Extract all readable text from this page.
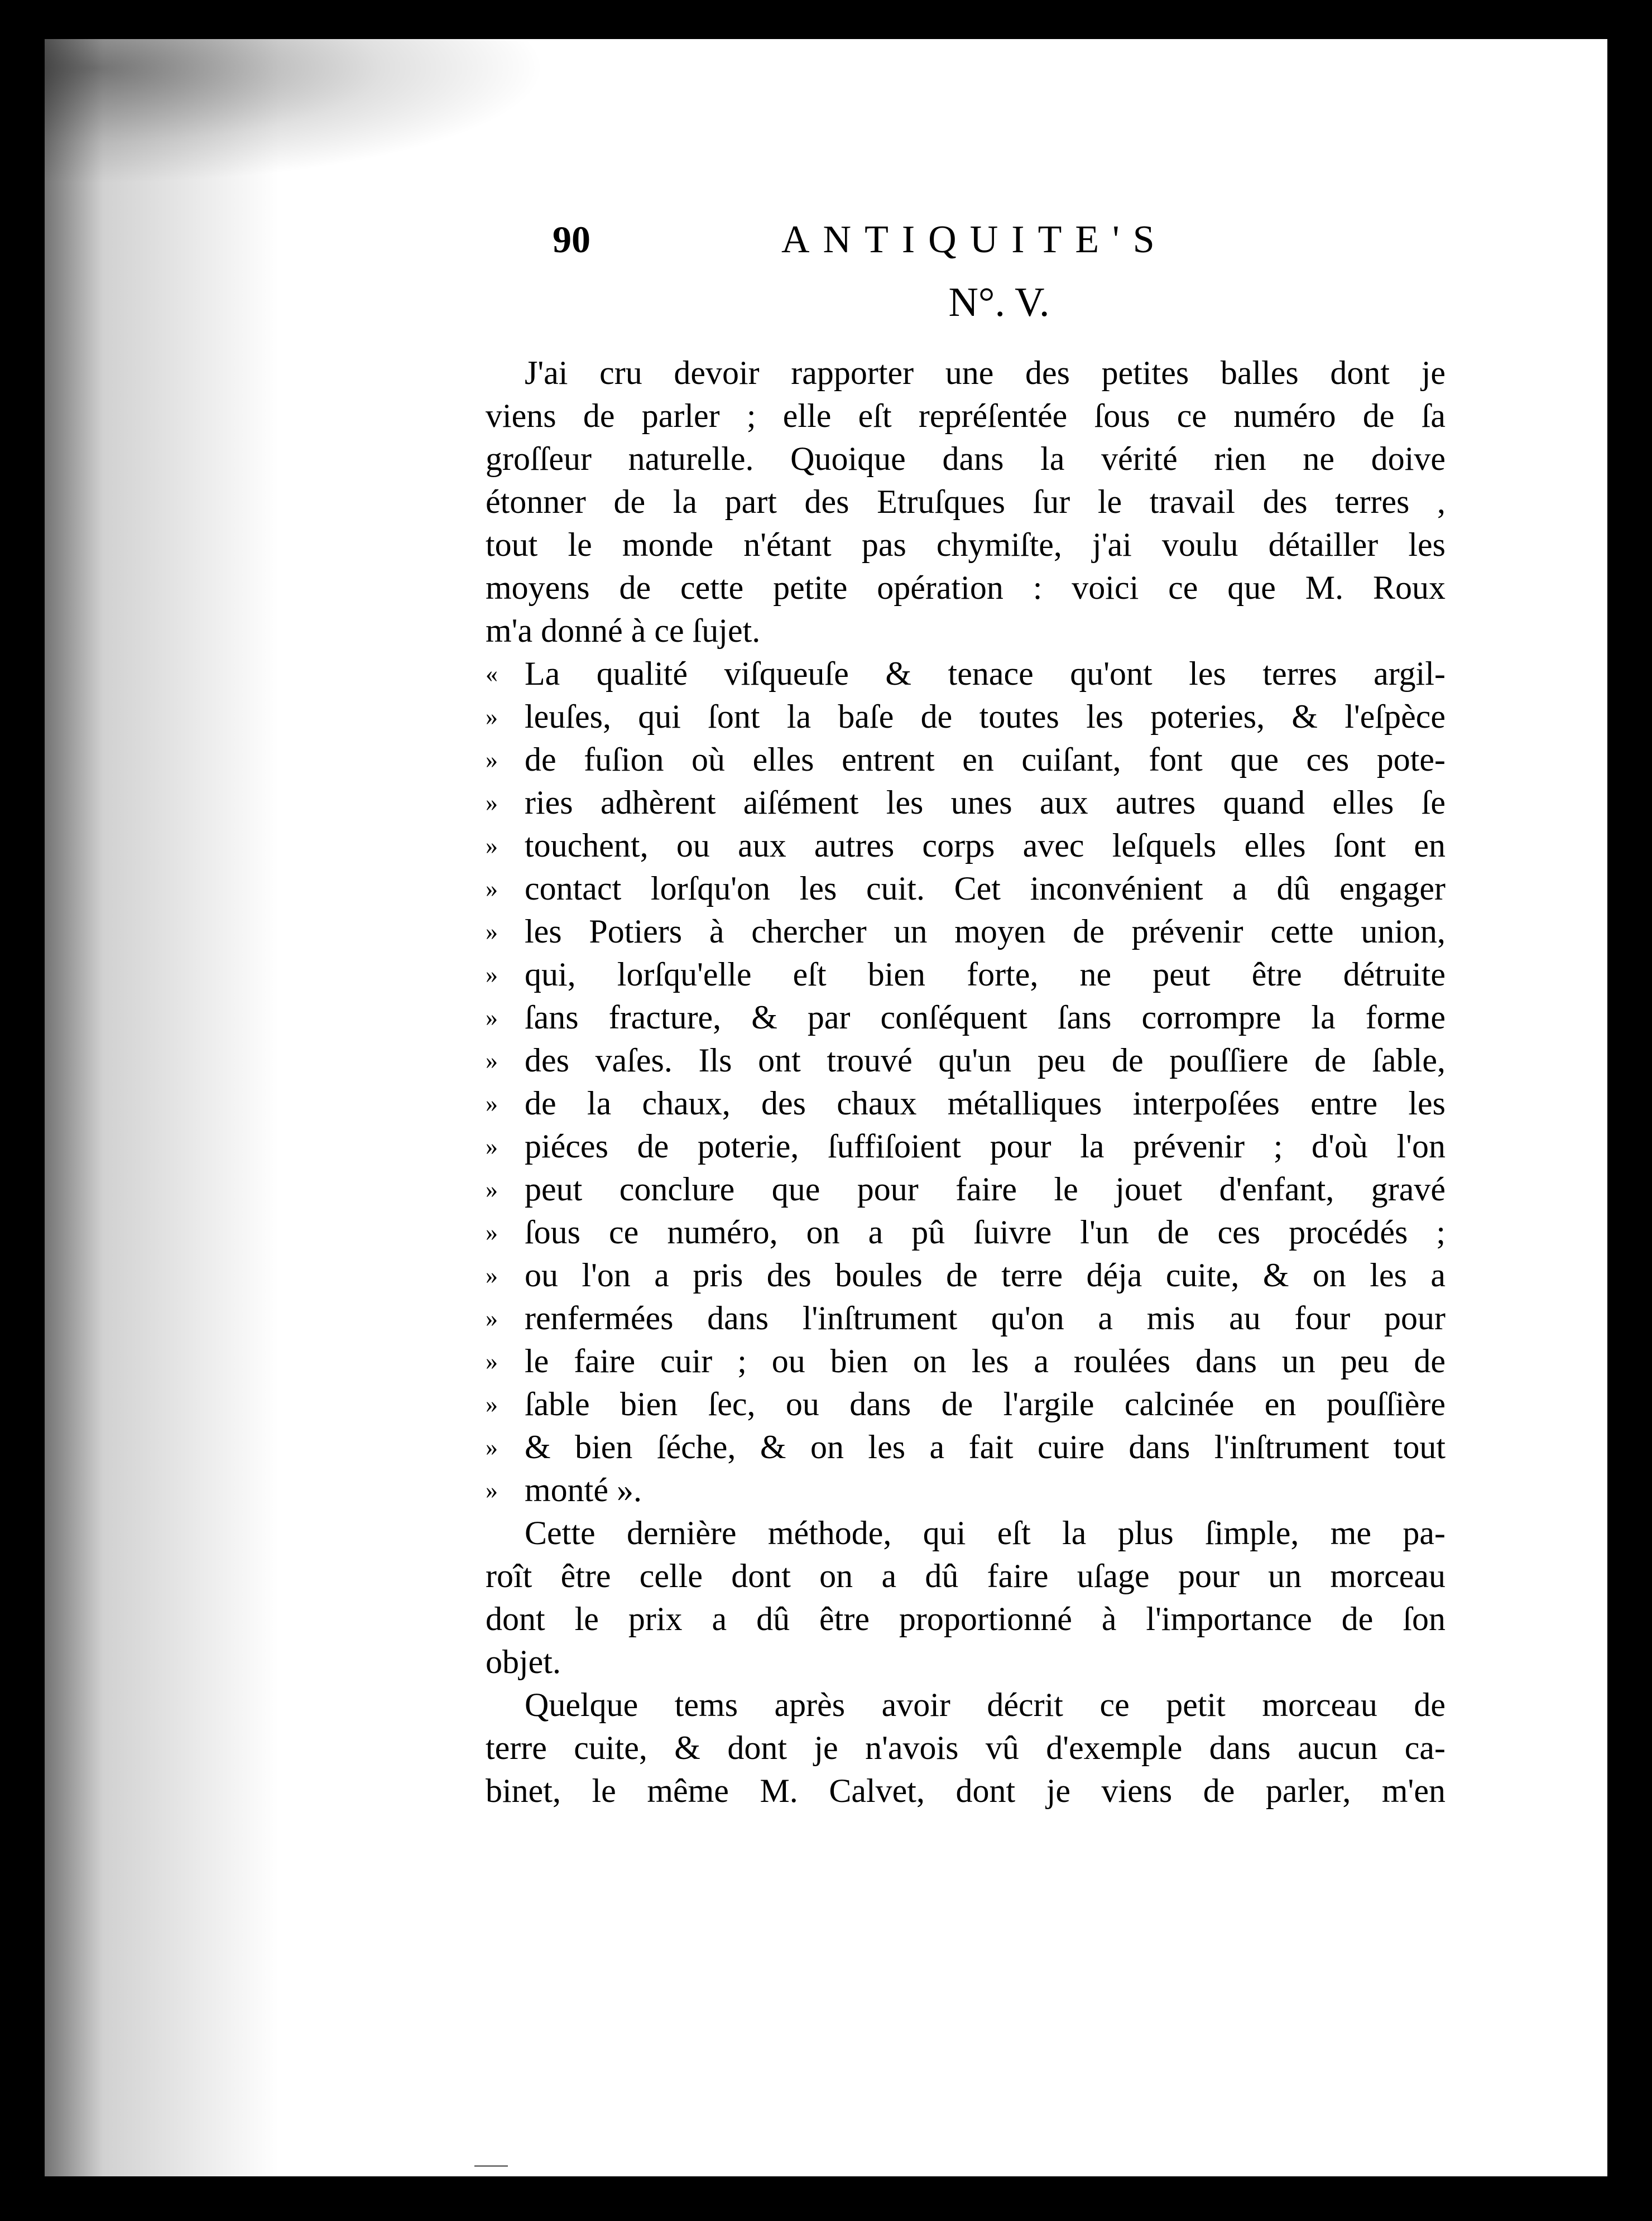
90	ANTIQUITE'S
N°. V.
J'ai cru devoir rapporter une des petites balles dont je
viens de parler ; elle eſt repréſentée ſous ce numéro de ſa
groſſeur naturelle. Quoique dans la vérité rien ne doive
étonner de la part des Etruſques ſur le travail des terres ,
tout le monde n'étant pas chymiſte, j'ai voulu détailler les
moyens de cette petite opération : voici ce que M. Roux
m'a donné à ce ſujet.
« La qualité viſqueuſe & tenace qu'ont les terres argil-
» leuſes, qui ſont la baſe de toutes les poteries, & l'eſpèce
» de fuſion où elles entrent en cuiſant, font que ces pote-
» ries adhèrent aiſément les unes aux autres quand elles ſe
» touchent, ou aux autres corps avec leſquels elles ſont en
» contact lorſqu'on les cuit. Cet inconvénient a dû engager
» les Potiers à chercher un moyen de prévenir cette union,
» qui, lorſqu'elle eſt bien forte, ne peut être détruite
» ſans fracture, & par conſéquent ſans corrompre la forme
» des vaſes. Ils ont trouvé qu'un peu de pouſſiere de ſable,
» de la chaux, des chaux métalliques interpoſées entre les
» piéces de poterie, ſuffiſoient pour la prévenir ; d'où l'on
» peut conclure que pour faire le jouet d'enfant, gravé
» ſous ce numéro, on a pû ſuivre l'un de ces procédés ;
» ou l'on a pris des boules de terre déja cuite, & on les a
» renfermées dans l'inſtrument qu'on a mis au four pour
» le faire cuir ; ou bien on les a roulées dans un peu de
» ſable bien ſec, ou dans de l'argile calcinée en pouſſière
» & bien ſéche, & on les a fait cuire dans l'inſtrument tout
» monté ».
Cette dernière méthode, qui eſt la plus ſimple, me pa-
roît être celle dont on a dû faire uſage pour un morceau
dont le prix a dû être proportionné à l'importance de ſon
objet.
Quelque tems après avoir décrit ce petit morceau de
terre cuite, & dont je n'avois vû d'exemple dans aucun ca-
binet, le même M. Calvet, dont je viens de parler, m'en
